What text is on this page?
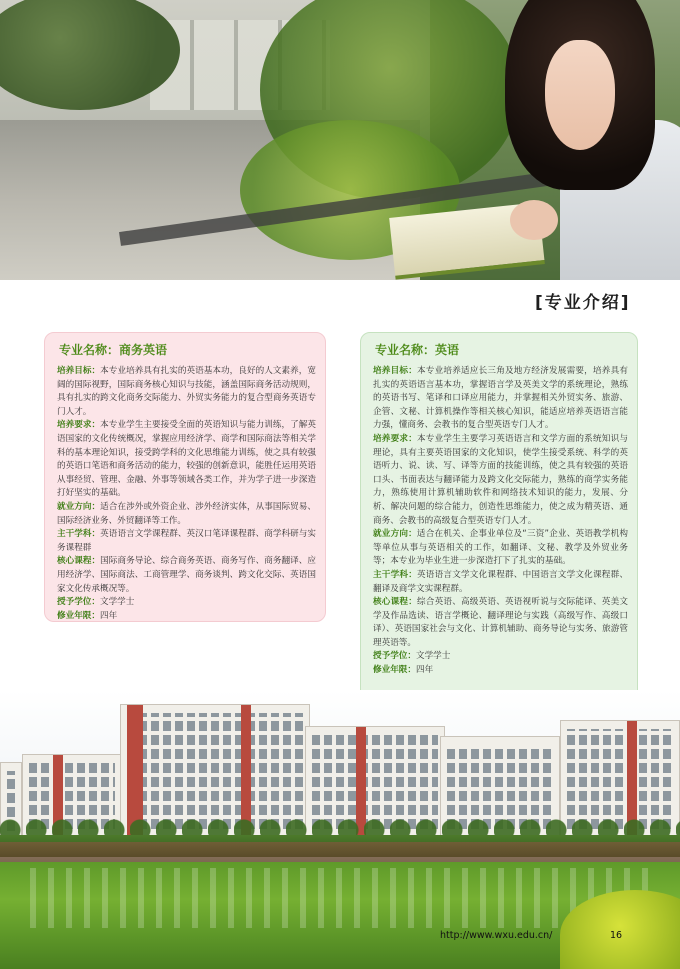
[专业介绍]
专业名称：商务英语

培养目标：本专业培养具有扎实的英语基本功，良好的人文素养，宽阔的国际视野，国际商务核心知识与技能，涵盖国际商务活动规则，具有扎实的跨文化商务交际能力、外贸实务能力的复合型商务英语专门人才。

培养要求：本专业学生主要接受全面的英语知识与能力训练，了解英语国家的文化传统概况，掌握应用经济学、商学和国际商法等相关学科的基本理论知识，接受跨学科的文化思维能力训练，使之具有较强的英语口笔语和商务活动的能力，较强的创新意识，能胜任运用英语从事经贸、管理、金融、外事等领域各类工作，并为学子进一步深造打好坚实的基础。

就业方向：适合在涉外或外资企业、涉外经济实体，从事国际贸易、国际经济业务、外贸翻译等工作。

主干学科：英语语言文学课程群、英汉口笔译课程群、商学科研与实务课程群

核心课程：国际商务导论、综合商务英语、商务写作、商务翻译、应用经济学、国际商法、工商管理学、商务谈判、跨文化交际、英语国家文化传承概况等。

授予学位：文学学士

修业年限：四年

专业名称：英语

培养目标：本专业培养适应长三角及地方经济发展需要，培养具有扎实的英语语言基本功，掌握语言学及英美文学的系统理论，熟练的英语书写、笔译和口译应用能力，并掌握相关外贸实务、旅游、企管、文秘、计算机操作等相关核心知识，能适应培养英语语言能力强，懂商务、会教书的复合型英语专门人才。

培养要求：本专业学生主要学习英语语言和文学方面的系统知识与理论，具有主要英语国家的文化知识，使学生接受系统、科学的英语听力、说、读、写、译等方面的技能训练，使之具有较强的英语口头、书面表达与翻译能力及跨文化交际能力，熟练的商学实务能力，熟练使用计算机辅助软件和网络技术知识的能力，发展、分析、解决问题的综合能力，创造性思维能力，使之成为精英语、通商务、会教书的高级复合型英语专门人才。

就业方向：适合在机关、企事业单位及“三资”企业、英语教学机构等单位从事与英语相关的工作，如翻译、文秘、教学及外贸业务等；本专业为毕业生进一步深造打下了扎实的基础。

主干学科：英语语言文学文化课程群、中国语言文学文化课程群、翻译及商学文实课程群。

核心课程：综合英语、高级英语、英语视听说与交际能译、英美文学及作品选读、语言学概论、翻译理论与实践（高级写作、高级口译）、英语国家社会与文化、计算机辅助、商务导论与实务、旅游管理英语等。

授予学位：文学学士

修业年限：四年

http://www.wxu.edu.cn/	16
